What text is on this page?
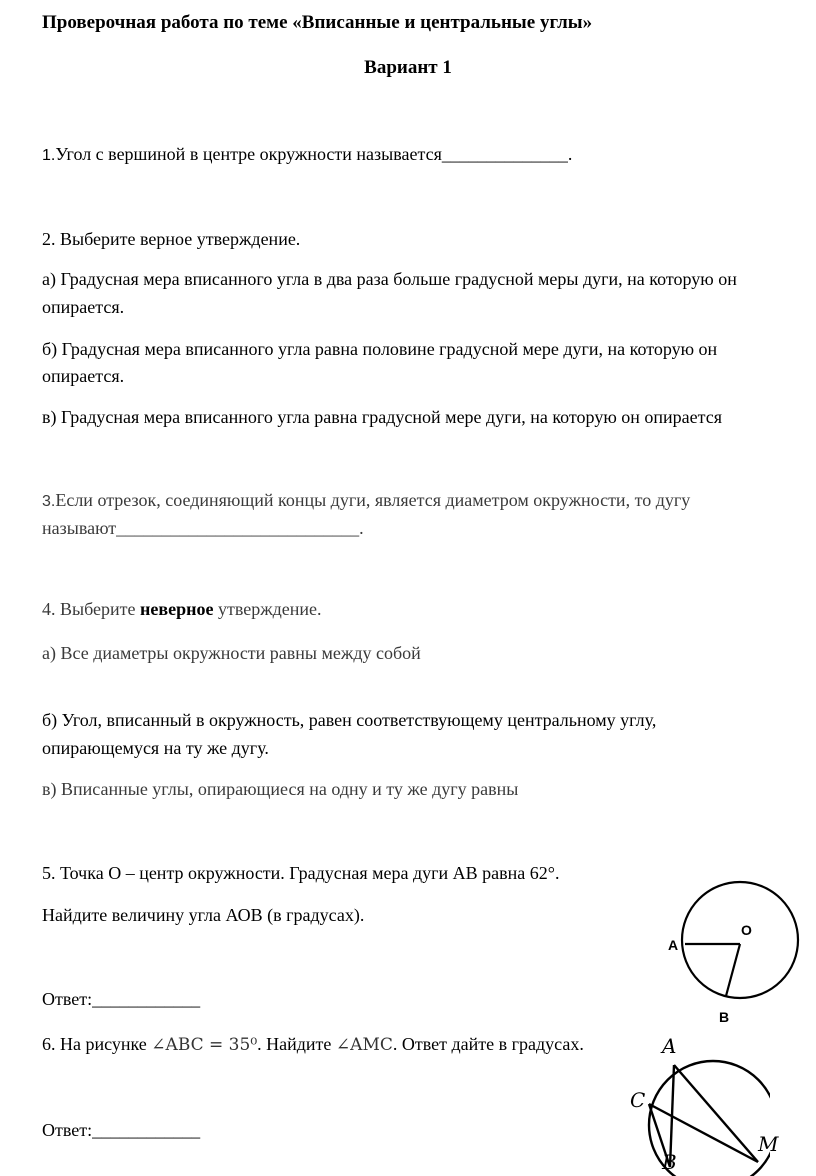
Проверочная работа по теме «Вписанные и центральные углы»

Вариант 1

1.Угол с вершиной в центре окружности называется______________.

2. Выберите верное утверждение.

а) Градусная мера вписанного угла в два раза больше градусной меры дуги, на которую он

опирается.

б) Градусная мера вписанного угла равна половине градусной мере дуги, на которую он

опирается.

в) Градусная мера вписанного угла равна градусной мере дуги, на которую он опирается

3.Если отрезок, соединяющий концы дуги, является диаметром окружности, то дугу

называют___________________________.

4. Выберите неверное утверждение.

а) Все диаметры окружности равны между собой

б) Угол, вписанный в окружность, равен соответствующему центральному углу,

опирающемуся на ту же дугу.

в) Вписанные углы, опирающиеся на одну и ту же дугу равны

5. Точка О – центр окружности. Градусная мера дуги АВ равна 62°.

Найдите величину угла АОВ (в градусах).

Ответ:____________

O
A
B

6. На рисунке ∠ABC = 35⁰. Найдите ∠AMC. Ответ дайте в градусах.

Ответ:____________

A
C
B
M
